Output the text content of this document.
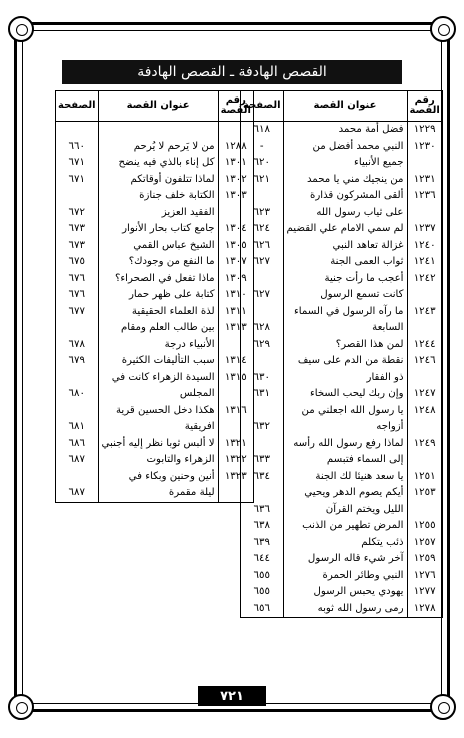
القصص الهادفة ـ القصص الهادفة
رقم القصة	عنوان القصة	الصفحة
١٢٢٩	فضل أمة محمد	٦١٨
١٢٣٠	النبي محمد أفضل من	-
	جميع الأنبياء	٦٢٠
١٢٣١	من ينجيك مني يا محمد	٦٢١
١٢٣٦	ألقى المشركون قذارة	
	على ثياب رسول الله	٦٢٣
١٢٣٧	لم سمي الامام علي القضيم	٦٢٤
١٢٤٠	غزالة تعاهد النبي	٦٢٦
١٢٤١	ثواب العمى الجنة	٦٢٧
١٢٤٢	أعجب ما رأت جنية	
	كانت تسمع الرسول	٦٢٧
١٢٤٣	ما رآه الرسول في السماء	
	السابعة	٦٢٨
١٢٤٤	لمن هذا القصر؟	٦٢٩
١٢٤٦	نقطة من الدم على سيف	
	ذو الفقار	٦٣٠
١٢٤٧	وإن ربك ليحب السخاء	٦٣١
١٢٤٨	يا رسول الله اجعلني من	
	أزواجه	٦٣٢
١٢٤٩	لماذا رفع رسول الله رأسه	
	إلى السماء فتبسم	٦٣٣
١٢٥١	يا سعد هنيئا لك الجنة	٦٣٤
١٢٥٣	أيكم يصوم الدهر ويحيي	
	الليل ويختم القرآن	٦٣٦
١٢٥٥	المرض تطهير من الذنب	٦٣٨
١٢٥٧	ذئب يتكلم	٦٣٩
١٢٥٩	آخر شيء قاله الرسول	٦٤٤
١٢٧٦	النبي وطائر الحمرة	٦٥٥
١٢٧٧	يهودي يحبس الرسول	٦٥٥
١٢٧٨	رمى رسول الله ثوبه	٦٥٦
رقم القصة	عنوان القصة	الصفحة

١٢٨٨	من لا يَرحم لا يُرحم	٦٦٠
١٣٠١	كل إناء بالذي فيه ينضح	٦٧١
١٣٠٢	لماذا تتلفون أوقاتكم	٦٧١
١٣٠٣	الكتابة خلف جنازة	
	الفقيد العزيز	٦٧٢
١٣٠٤	جامع كتاب بحار الأنوار	٦٧٣
١٣٠٥	الشيخ عباس القمي	٦٧٣
١٣٠٧	ما النفع من وجودك؟	٦٧٥
١٣٠٩	ماذا تفعل في الصحراء؟	٦٧٦
١٣١٠	كتابة على ظهر حمار	٦٧٦
١٣١١	لذة العلماء الحقيقية	٦٧٧
١٣١٣	بين طالب العلم ومقام	
	الأنبياء درجة	٦٧٨
١٣١٤	سبب التأليفات الكثيرة	٦٧٩
١٣١٥	السيدة الزهراء كانت في	
	المجلس	٦٨٠
١٣١٦	هكذا دخل الحسين قرية	
	افريقية	٦٨١
١٣٢١	لا ألبس ثوبا نظر إليه أجنبي	٦٨٦
١٣٢٢	الزهراء والتابوت	٦٨٧
١٣٢٣	أنين وحنين وبكاء في	
	ليلة مقمرة	٦٨٧
٧٢١
